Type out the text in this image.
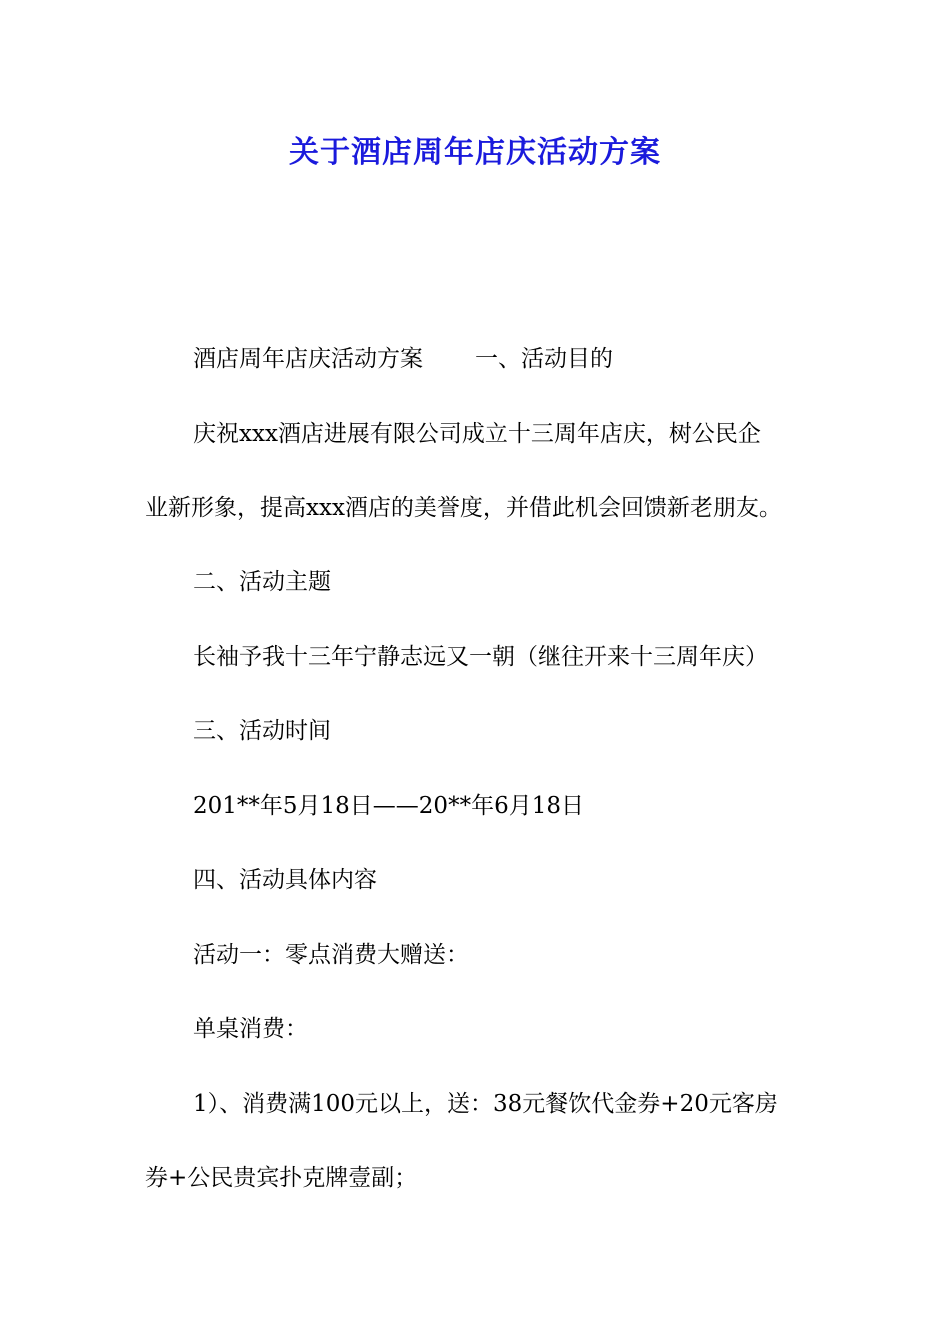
关于酒店周年店庆活动方案
酒店周年店庆活动方案 一、活动目的
庆祝xxx酒店进展有限公司成立十三周年店庆，树公民企
业新形象，提高xxx酒店的美誉度，并借此机会回馈新老朋友。
二、活动主题
长袖予我十三年宁静志远又一朝（继往开来十三周年庆）
三、活动时间
201**年5月18日——20**年6月18日
四、活动具体内容
活动一：零点消费大赠送：
单桌消费：
1）、消费满100元以上，送：38元餐饮代金券+20元客房
券+公民贵宾扑克牌壹副；
